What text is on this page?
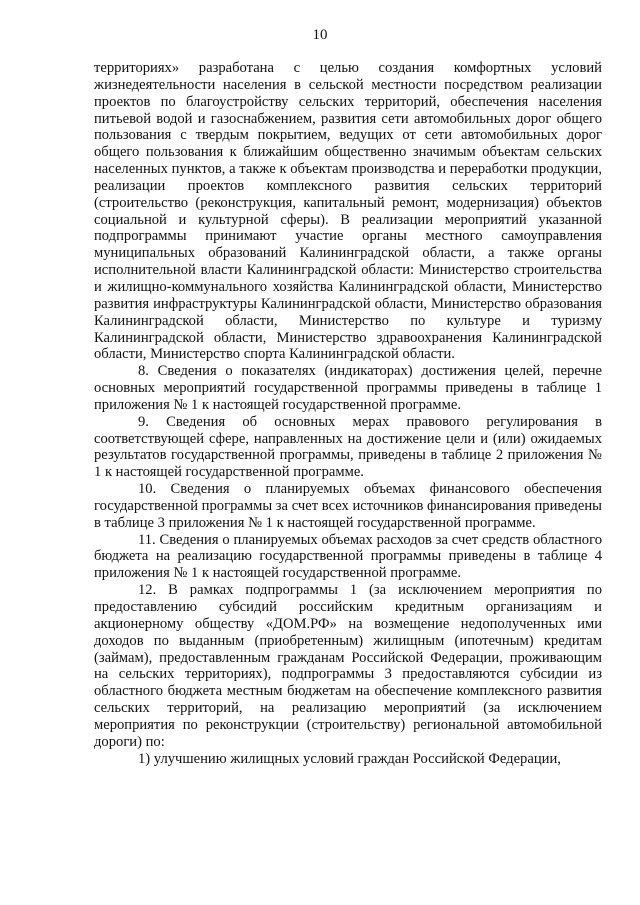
10

территориях» разработана с целью создания комфортных условий жизнедеятельности населения в сельской местности посредством реализации проектов по благоустройству сельских территорий, обеспечения населения питьевой водой и газоснабжением, развития сети автомобильных дорог общего пользования с твердым покрытием, ведущих от сети автомобильных дорог общего пользования к ближайшим общественно значимым объектам сельских населенных пунктов, а также к объектам производства и переработки продукции, реализации проектов комплексного развития сельских территорий (строительство (реконструкция, капитальный ремонт, модернизация) объектов социальной и культурной сферы). В реализации мероприятий указанной подпрограммы принимают участие органы местного самоуправления муниципальных образований Калининградской области, а также органы исполнительной власти Калининградской области: Министерство строительства и жилищно-коммунального хозяйства Калининградской области, Министерство развития инфраструктуры Калининградской области, Министерство образования Калининградской области, Министерство по культуре и туризму Калининградской области, Министерство здравоохранения Калининградской области, Министерство спорта Калининградской области.

8. Сведения о показателях (индикаторах) достижения целей, перечне основных мероприятий государственной программы приведены в таблице 1 приложения № 1 к настоящей государственной программе.

9. Сведения об основных мерах правового регулирования в соответствующей сфере, направленных на достижение цели и (или) ожидаемых результатов государственной программы, приведены в таблице 2 приложения № 1 к настоящей государственной программе.

10. Сведения о планируемых объемах финансового обеспечения государственной программы за счет всех источников финансирования приведены в таблице 3 приложения № 1 к настоящей государственной программе.

11. Сведения о планируемых объемах расходов за счет средств областного бюджета на реализацию государственной программы приведены в таблице 4 приложения № 1 к настоящей государственной программе.

12. В рамках подпрограммы 1 (за исключением мероприятия по предоставлению субсидий российским кредитным организациям и акционерному обществу «ДОМ.РФ» на возмещение недополученных ими доходов по выданным (приобретенным) жилищным (ипотечным) кредитам (займам), предоставленным гражданам Российской Федерации, проживающим на сельских территориях), подпрограммы 3 предоставляются субсидии из областного бюджета местным бюджетам на обеспечение комплексного развития сельских территорий, на реализацию мероприятий (за исключением мероприятия по реконструкции (строительству) региональной автомобильной дороги) по:

1) улучшению жилищных условий граждан Российской Федерации,
